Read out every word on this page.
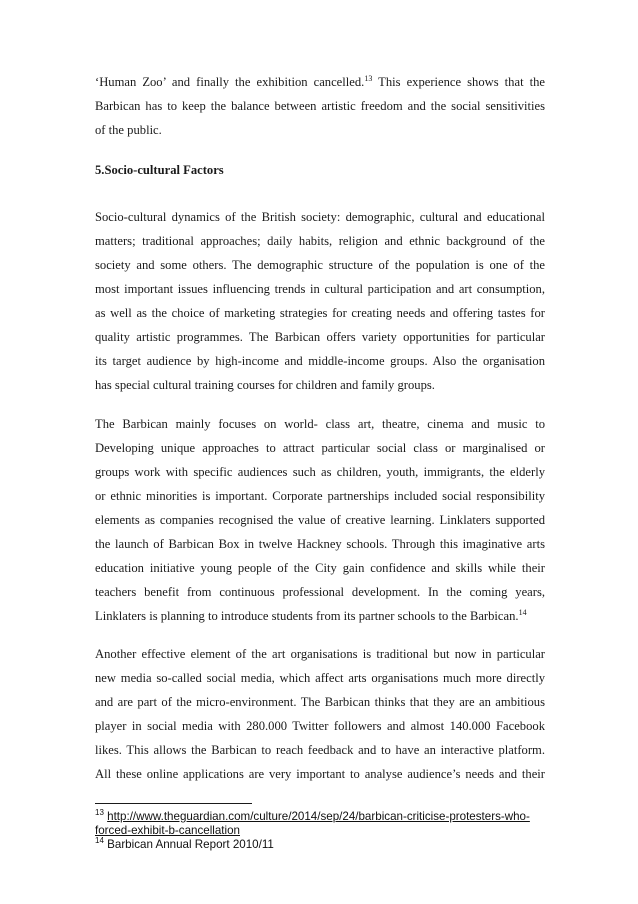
‘Human Zoo’ and finally the exhibition cancelled.$^{13}$ This experience shows that the
Barbican has to keep the balance between artistic freedom and the social sensitivities
of the public.
5.Socio-cultural Factors
Socio-cultural dynamics of the British society: demographic, cultural and educational
matters; traditional approaches; daily habits, religion and ethnic background of the
society and some others. The demographic structure of the population is one of the
most important issues influencing trends in cultural participation and art consumption,
as well as the choice of marketing strategies for creating needs and offering tastes for
quality artistic programmes. The Barbican offers variety opportunities for particular
its target audience by high-income and middle-income groups. Also the organisation
has special cultural training courses for children and family groups.
The Barbican mainly focuses on world- class art, theatre, cinema and music to
Developing unique approaches to attract particular social class or marginalised or
groups work with specific audiences such as children, youth, immigrants, the elderly
or ethnic minorities is important. Corporate partnerships included social responsibility
elements as companies recognised the value of creative learning. Linklaters supported
the launch of Barbican Box in twelve Hackney schools. Through this imaginative arts
education initiative young people of the City gain confidence and skills while their
teachers benefit from continuous professional development. In the coming years,
Linklaters is planning to introduce students from its partner schools to the Barbican.$^{14}$
Another effective element of the art organisations is traditional but now in particular
new media so-called social media, which affect arts organisations much more directly
and are part of the micro-environment. The Barbican thinks that they are an ambitious
player in social media with 280.000 Twitter followers and almost 140.000 Facebook
likes. This allows the Barbican to reach feedback and to have an interactive platform.
All these online applications are very important to analyse audience’s needs and their
$^{13}$ http://www.theguardian.com/culture/2014/sep/24/barbican-criticise-protesters-who-
forced-exhibit-b-cancellation
$^{14}$ Barbican Annual Report 2010/11
